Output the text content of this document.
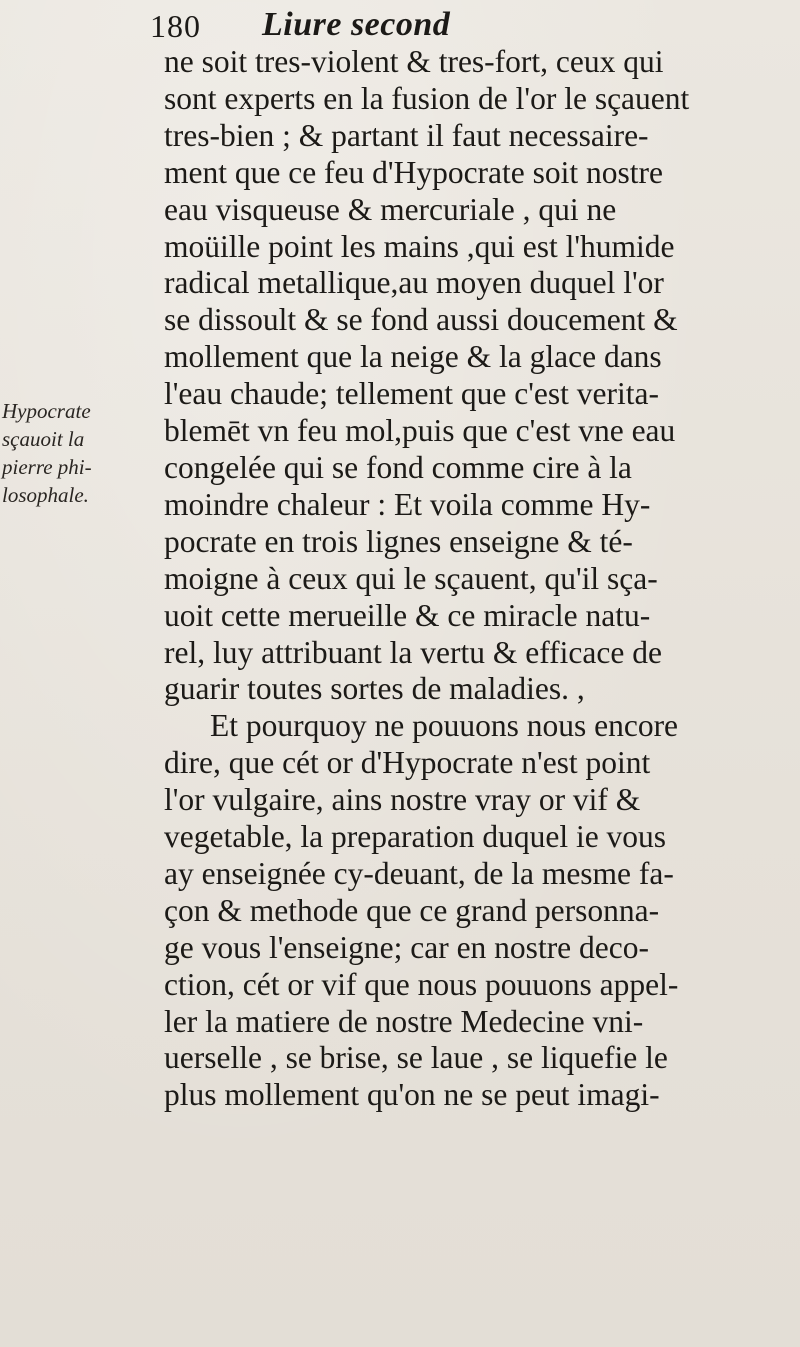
180 Liure second
Hypocrate
sçauoit la
pierre phi-
losophale.
ne soit tres-violent & tres-fort, ceux qui
sont experts en la fusion de l'or le sçauent
tres-bien ; & partant il faut necessaire-
ment que ce feu d'Hypocrate soit nostre
eau visqueuse & mercuriale , qui ne
moüille point les mains ,qui est l'humide
radical metallique,au moyen duquel l'or
se dissoult & se fond aussi doucement &
mollement que la neige & la glace dans
l'eau chaude; tellement que c'est verita-
blemēt vn feu mol,puis que c'est vne eau
congelée qui se fond comme cire à la
moindre chaleur : Et voila comme Hy-
pocrate en trois lignes enseigne & té-
moigne à ceux qui le sçauent, qu'il sça-
uoit cette merueille & ce miracle natu-
rel, luy attribuant la vertu & efficace de
guarir toutes sortes de maladies. ,
Et pourquoy ne pouuons nous encore
dire, que cét or d'Hypocrate n'est point
l'or vulgaire, ains nostre vray or vif &
vegetable, la preparation duquel ie vous
ay enseignée cy-deuant, de la mesme fa-
çon & methode que ce grand personna-
ge vous l'enseigne; car en nostre deco-
ction, cét or vif que nous pouuons appel-
ler la matiere de nostre Medecine vni-
uerselle , se brise, se laue , se liquefie le
plus mollement qu'on ne se peut imagi-
